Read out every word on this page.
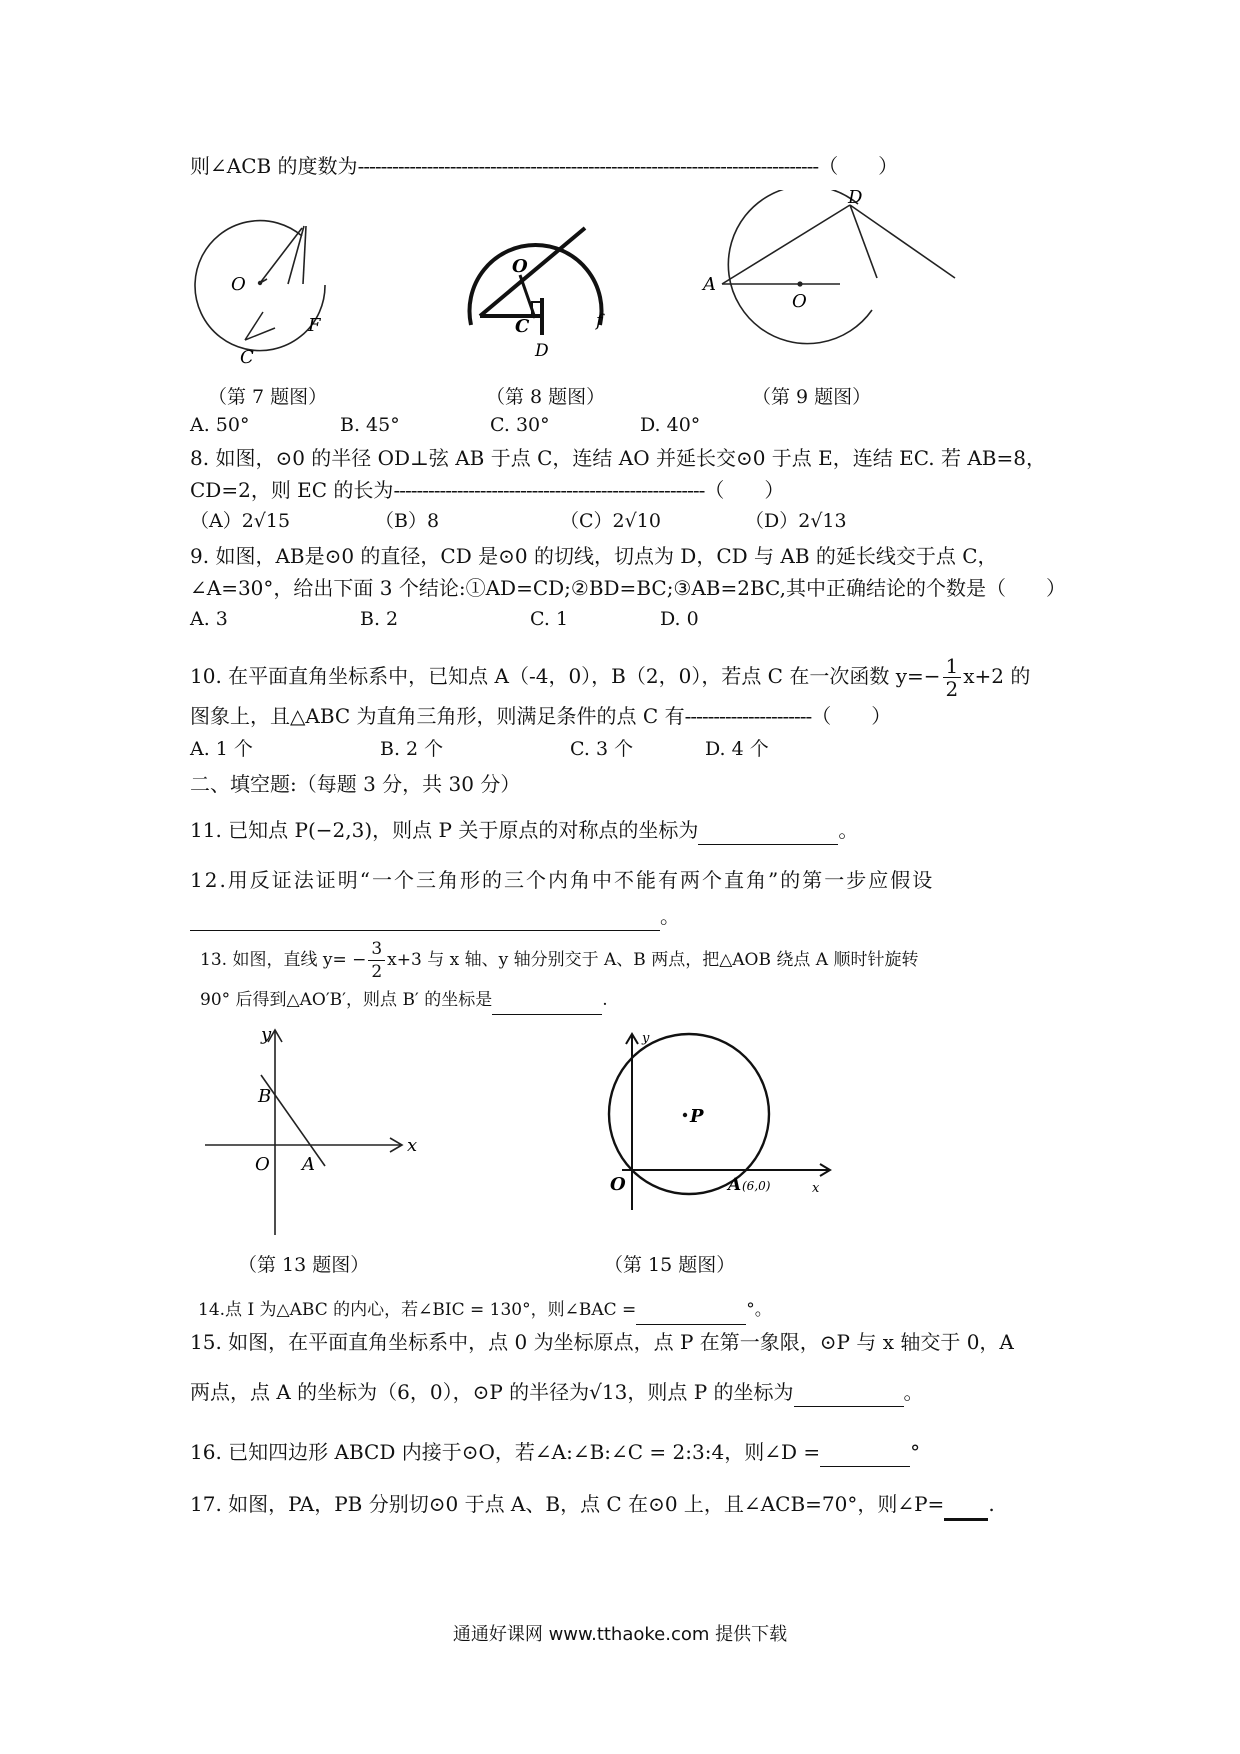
则∠ACB 的度数为--------------------------------------------------------------------------------（　　）
O
F
C
O
C
D
f
D
A
O
（第 7 题图）	（第 8 题图）	（第 9 题图）
A. 50°	B. 45°	C. 30°	D. 40°
8. 如图，⊙0 的半径 OD⊥弦 AB 于点 C，连结 AO 并延长交⊙0 于点 E，连结 EC. 若 AB=8，
CD=2，则 EC 的长为------------------------------------------------------（　　）
（A）2√15	（B）8	（C）2√10	（D）2√13
9. 如图，AB是⊙0 的直径，CD 是⊙0 的切线，切点为 D，CD 与 AB 的延长线交于点 C，
∠A=30°，给出下面 3 个结论:①AD=CD;②BD=BC;③AB=2BC,其中正确结论的个数是（　　）
A. 3	B. 2	C. 1	D. 0
10. 在平面直角坐标系中，已知点 A（-4，0），B（2，0），若点 C 在一次函数 $y=- \frac{1}{2} x+2$ 的
图象上，且△ABC 为直角三角形，则满足条件的点 C 有----------------------（　　）
A. 1 个	B. 2 个	C. 3 个	D. 4 个
二、填空题:（每题 3 分，共 30 分）
11. 已知点 P(−2,3)，则点 P 关于原点的对称点的坐标为	。
12.用反证法证明“一个三角形的三个内角中不能有两个直角”的第一步应假设
。
13. 如图，直线 $y= - \frac{3}{2} x+3$ 与 x 轴、y 轴分别交于 A、B 两点，把△AOB 绕点 A 顺时针旋转
90° 后得到△AO′B′，则点 B′ 的坐标是	.
y
B
O A
x
y
P
O	A (6,0)	x
（第 13 题图）	（第 15 题图）
14.点 I 为△ABC 的内心，若∠BIC = 130°，则∠BAC =	°。
15. 如图，在平面直角坐标系中，点 0 为坐标原点，点 P 在第一象限，⊙P 与 x 轴交于 0，A
两点，点 A 的坐标为（6，0），⊙P 的半径为√13，则点 P 的坐标为	。
16. 已知四边形 ABCD 内接于⊙O，若∠A:∠B:∠C = 2:3:4，则∠D =	°
17. 如图，PA，PB 分别切⊙0 于点 A、B，点 C 在⊙0 上，且∠ACB=70°，则∠P= .
通通好课网 www.tthaoke.com 提供下载
